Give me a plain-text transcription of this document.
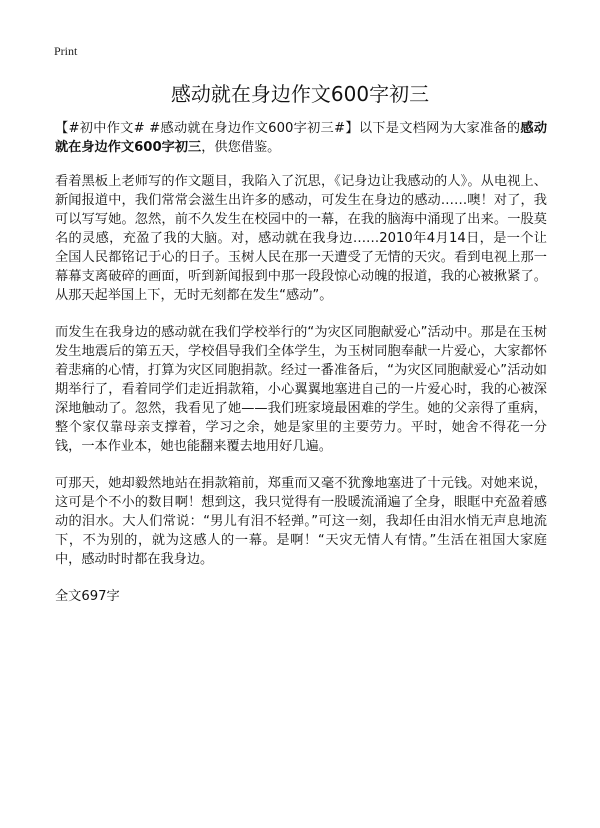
Print
感动就在身边作文600字初三

【#初中作文# #感动就在身边作文600字初三#】以下是文档网为大家准备的感动就在身边作文600字初三，供您借鉴。

看着黑板上老师写的作文题目，我陷入了沉思，《记身边让我感动的人》。从电视上、新闻报道中，我们常常会滋生出许多的感动，可发生在身边的感动……噢！对了，我可以写写她。忽然，前不久发生在校园中的一幕，在我的脑海中涌现了出来。一股莫名的灵感，充盈了我的大脑。对，感动就在我身边……2010年4月14日，是一个让全国人民都铭记于心的日子。玉树人民在那一天遭受了无情的天灾。看到电视上那一幕幕支离破碎的画面，听到新闻报到中那一段段惊心动魄的报道，我的心被揪紧了。从那天起举国上下，无时无刻都在发生“感动”。

而发生在我身边的感动就在我们学校举行的“为灾区同胞献爱心”活动中。那是在玉树发生地震后的第五天，学校倡导我们全体学生，为玉树同胞奉献一片爱心，大家都怀着悲痛的心情，打算为灾区同胞捐款。经过一番准备后，“为灾区同胞献爱心”活动如期举行了，看着同学们走近捐款箱，小心翼翼地塞进自己的一片爱心时，我的心被深深地触动了。忽然，我看见了她——我们班家境最困难的学生。她的父亲得了重病，整个家仅靠母亲支撑着，学习之余，她是家里的主要劳力。平时，她舍不得花一分钱，一本作业本，她也能翻来覆去地用好几遍。

可那天，她却毅然地站在捐款箱前，郑重而又毫不犹豫地塞进了十元钱。对她来说，这可是个不小的数目啊！想到这，我只觉得有一股暖流涌遍了全身，眼眶中充盈着感动的泪水。大人们常说：“男儿有泪不轻弹。”可这一刻，我却任由泪水悄无声息地流下，不为别的，就为这感人的一幕。是啊！“天灾无情人有情。”生活在祖国大家庭中，感动时时都在我身边。

全文697字
